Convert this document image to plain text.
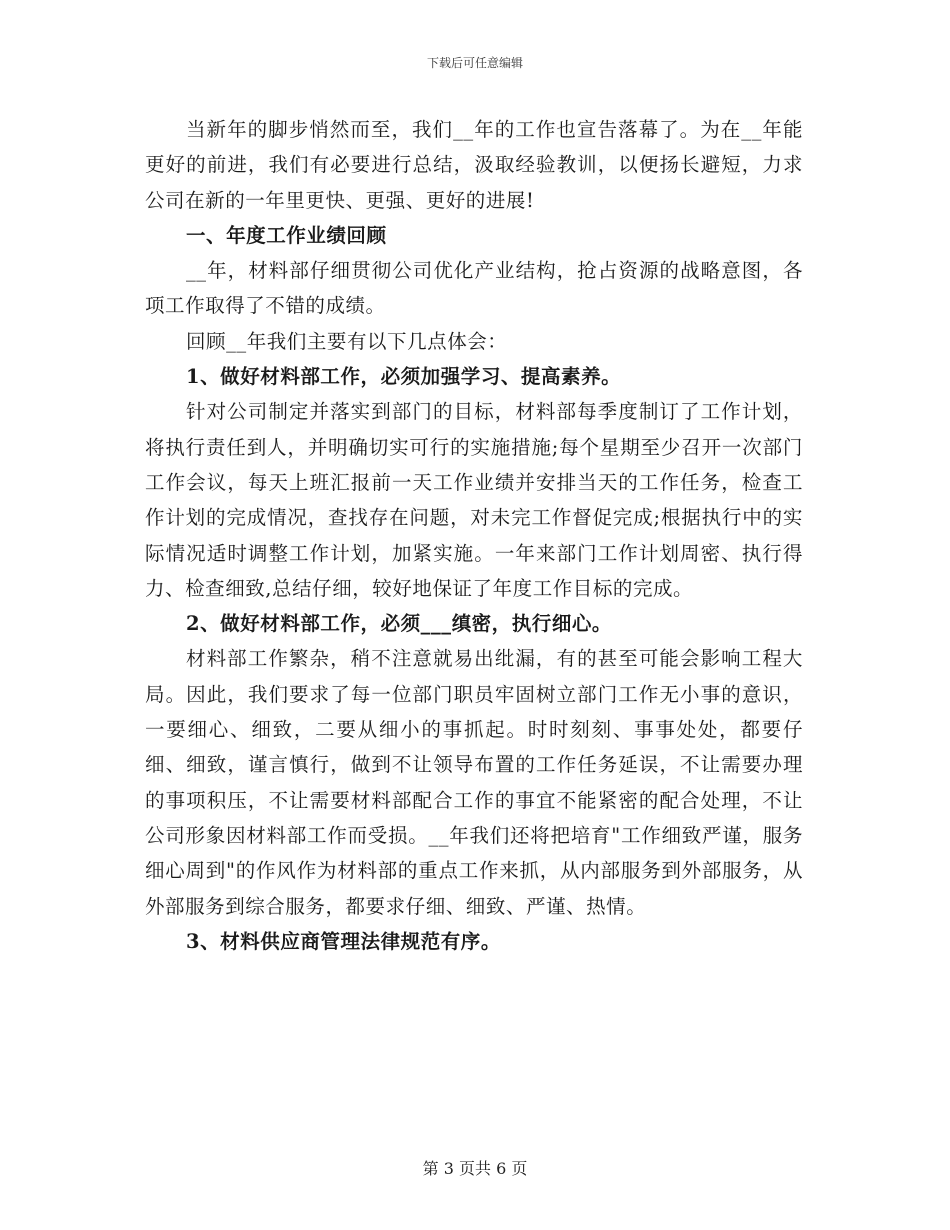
下载后可任意编辑

当新年的脚步悄然而至，我们__年的工作也宣告落幕了。为在__年能更好的前进，我们有必要进行总结，汲取经验教训，以便扬长避短，力求公司在新的一年里更快、更强、更好的进展!

一、年度工作业绩回顾

__年，材料部仔细贯彻公司优化产业结构，抢占资源的战略意图，各项工作取得了不错的成绩。

回顾__年我们主要有以下几点体会：

1、做好材料部工作，必须加强学习、提高素养。

针对公司制定并落实到部门的目标，材料部每季度制订了工作计划，将执行责任到人，并明确切实可行的实施措施;每个星期至少召开一次部门工作会议，每天上班汇报前一天工作业绩并安排当天的工作任务，检查工作计划的完成情况，查找存在问题，对未完工作督促完成;根据执行中的实际情况适时调整工作计划，加紧实施。一年来部门工作计划周密、执行得力、检查细致,总结仔细，较好地保证了年度工作目标的完成。

2、做好材料部工作，必须___缜密，执行细心。

材料部工作繁杂，稍不注意就易出纰漏，有的甚至可能会影响工程大局。因此，我们要求了每一位部门职员牢固树立部门工作无小事的意识，一要细心、细致，二要从细小的事抓起。时时刻刻、事事处处，都要仔细、细致，谨言慎行，做到不让领导布置的工作任务延误，不让需要办理的事项积压，不让需要材料部配合工作的事宜不能紧密的配合处理，不让公司形象因材料部工作而受损。__年我们还将把培育"工作细致严谨，服务细心周到"的作风作为材料部的重点工作来抓，从内部服务到外部服务，从外部服务到综合服务，都要求仔细、细致、严谨、热情。

3、材料供应商管理法律规范有序。

第 3 页共 6 页
